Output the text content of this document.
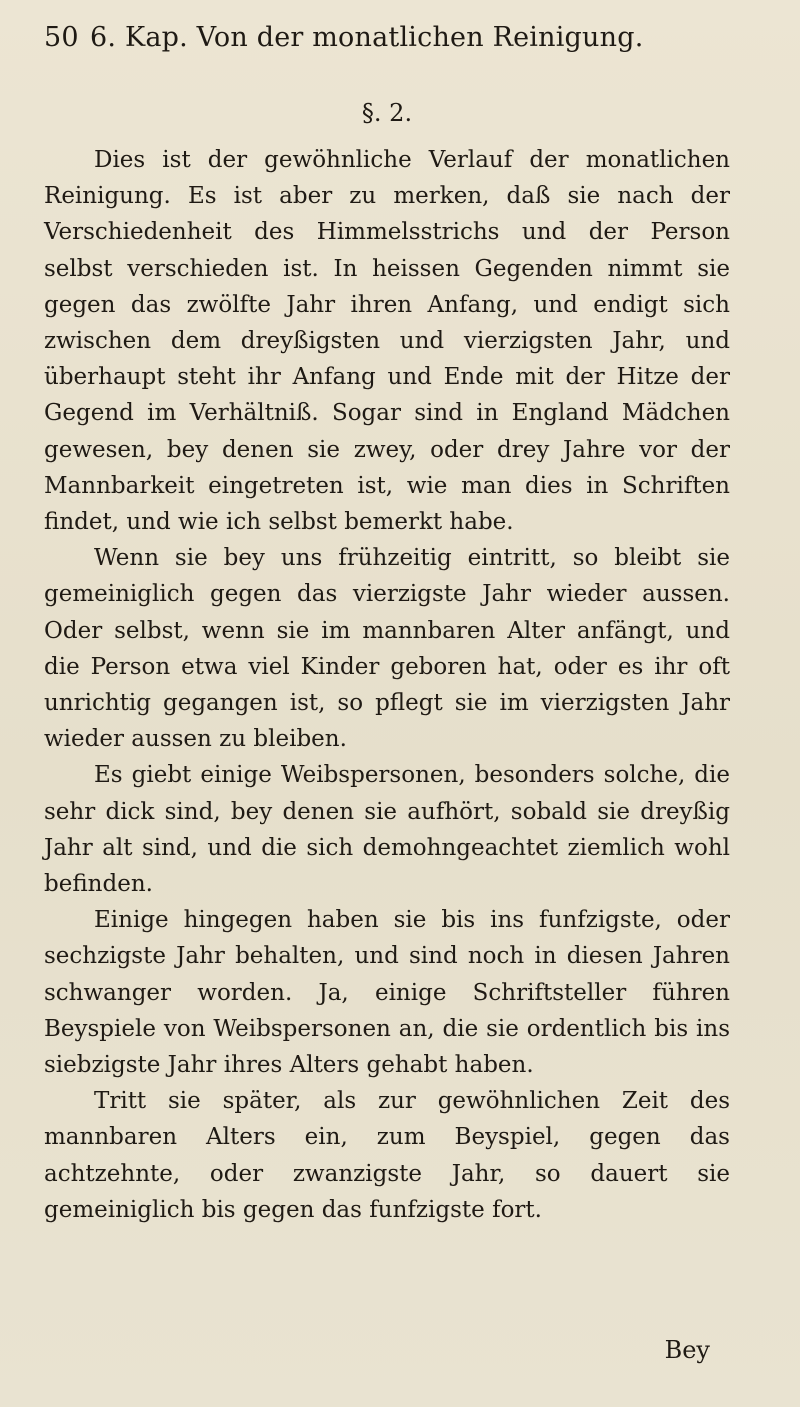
50 6. Kap. Von der monatlichen Reinigung.
§. 2.

Dies ist der gewöhnliche Verlauf der monatlichen Reinigung. Es ist aber zu merken, daß sie nach der Verschiedenheit des Himmelsstrichs und der Person selbst verschieden ist. In heissen Gegenden nimmt sie gegen das zwölfte Jahr ihren Anfang, und endigt sich zwischen dem dreyßigsten und vierzigsten Jahr, und überhaupt steht ihr Anfang und Ende mit der Hitze der Gegend im Verhältniß. Sogar sind in England Mädchen gewesen, bey denen sie zwey, oder drey Jahre vor der Mannbarkeit eingetreten ist, wie man dies in Schriften findet, und wie ich selbst bemerkt habe.

Wenn sie bey uns frühzeitig eintritt, so bleibt sie gemeiniglich gegen das vierzigste Jahr wieder aussen. Oder selbst, wenn sie im mannbaren Alter anfängt, und die Person etwa viel Kinder geboren hat, oder es ihr oft unrichtig gegangen ist, so pflegt sie im vierzigsten Jahr wieder aussen zu bleiben.

Es giebt einige Weibspersonen, besonders solche, die sehr dick sind, bey denen sie aufhört, sobald sie dreyßig Jahr alt sind, und die sich demohngeachtet ziemlich wohl befinden.

Einige hingegen haben sie bis ins funfzigste, oder sechzigste Jahr behalten, und sind noch in diesen Jahren schwanger worden. Ja, einige Schriftsteller führen Beyspiele von Weibspersonen an, die sie ordentlich bis ins siebzigste Jahr ihres Alters gehabt haben.

Tritt sie später, als zur gewöhnlichen Zeit des mannbaren Alters ein, zum Beyspiel, gegen das achtzehnte, oder zwanzigste Jahr, so dauert sie gemeiniglich bis gegen das funfzigste fort.

Bey
